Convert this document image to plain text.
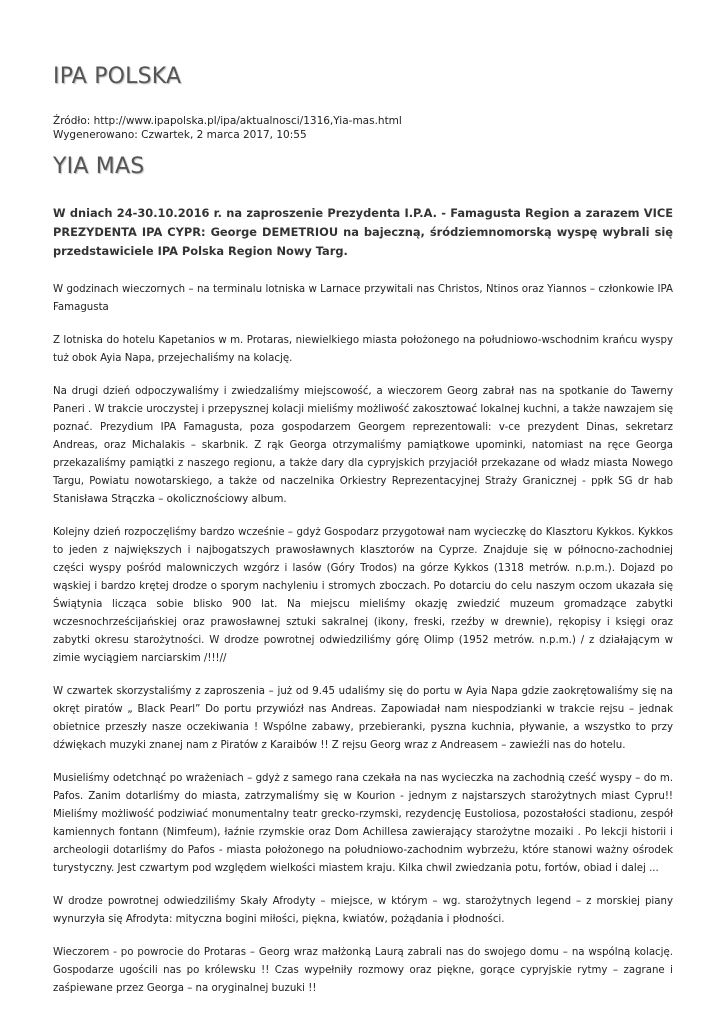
IPA POLSKA
Źródło: http://www.ipapolska.pl/ipa/aktualnosci/1316,Yia-mas.html
Wygenerowano: Czwartek, 2 marca 2017, 10:55
YIA MAS

W dniach 24-30.10.2016 r. na zaproszenie Prezydenta I.P.A. - Famagusta Region a zarazem VICE PREZYDENTA IPA CYPR: George DEMETRIOU na bajeczną, śródziemnomorską wyspę wybrali się przedstawiciele IPA Polska Region Nowy Targ.

W godzinach wieczornych – na terminalu lotniska w Larnace przywitali nas Christos, Ntinos oraz Yiannos – członkowie IPA Famagusta

Z lotniska do hotelu Kapetanios w m. Protaras, niewielkiego miasta położonego na południowo-wschodnim krańcu wyspy tuż obok Ayia Napa, przejechaliśmy na kolację.

Na drugi dzień odpoczywaliśmy i zwiedzaliśmy miejscowość, a wieczorem Georg zabrał nas na spotkanie do Tawerny Paneri . W trakcie uroczystej i przepysznej kolacji mieliśmy możliwość zakosztować lokalnej kuchni, a także nawzajem się poznać. Prezydium IPA Famagusta, poza gospodarzem Georgem reprezentowali: v-ce prezydent Dinas, sekretarz Andreas, oraz Michalakis – skarbnik. Z rąk Georga otrzymaliśmy pamiątkowe upominki, natomiast na ręce Georga przekazaliśmy pamiątki z naszego regionu, a także dary dla cypryjskich przyjaciół przekazane od władz miasta Nowego Targu, Powiatu nowotarskiego, a także od naczelnika Orkiestry Reprezentacyjnej Straży Granicznej - ppłk SG dr hab Stanisława Strączka – okolicznościowy album.

Kolejny dzień rozpoczęliśmy bardzo wcześnie – gdyż Gospodarz przygotował nam wycieczkę do Klasztoru Kykkos. Kykkos to jeden z największych i najbogatszych prawosławnych klasztorów na Cyprze. Znajduje się w północno-zachodniej części wyspy pośród malowniczych wzgórz i lasów (Góry Trodos) na górze Kykkos (1318 metrów. n.p.m.). Dojazd po wąskiej i bardzo krętej drodze o sporym nachyleniu i stromych zboczach. Po dotarciu do celu naszym oczom ukazała się Świątynia licząca sobie blisko 900 lat. Na miejscu mieliśmy okazję zwiedzić muzeum gromadzące zabytki wczesnochrześcijańskiej oraz prawosławnej sztuki sakralnej (ikony, freski, rzeźby w drewnie), rękopisy i księgi oraz zabytki okresu starożytności. W drodze powrotnej odwiedziliśmy górę Olimp (1952 metrów. n.p.m.) / z działającym w zimie wyciągiem narciarskim /!!!//

W czwartek skorzystaliśmy z zaproszenia – już od 9.45 udaliśmy się do portu w Ayia Napa gdzie zaokrętowaliśmy się na okręt piratów „ Black Pearl” Do portu przywiózł nas Andreas. Zapowiadał nam niespodzianki w trakcie rejsu – jednak obietnice przeszły nasze oczekiwania ! Wspólne zabawy, przebieranki, pyszna kuchnia, pływanie, a wszystko to przy dźwiękach muzyki znanej nam z Piratów z Karaibów !! Z rejsu Georg wraz z Andreasem – zawieźli nas do hotelu.

Musieliśmy odetchnąć po wrażeniach – gdyż z samego rana czekała na nas wycieczka na zachodnią cześć wyspy – do m. Pafos. Zanim dotarliśmy do miasta, zatrzymaliśmy się w Kourion - jednym z najstarszych starożytnych miast Cypru!! Mieliśmy możliwość podziwiać monumentalny teatr grecko-rzymski, rezydencję Eustoliosa, pozostałości stadionu, zespół kamiennych fontann (Nimfeum), łaźnie rzymskie oraz Dom Achillesa zawierający starożytne mozaiki . Po lekcji historii i archeologii dotarliśmy do Pafos - miasta położonego na południowo-zachodnim wybrzeżu, które stanowi ważny ośrodek turystyczny. Jest czwartym pod względem wielkości miastem kraju. Kilka chwil zwiedzania potu, fortów, obiad i dalej ...

W drodze powrotnej odwiedziliśmy Skały Afrodyty – miejsce, w którym – wg. starożytnych legend – z morskiej piany wynurzyła się Afrodyta: mityczna bogini miłości, piękna, kwiatów, pożądania i płodności.

Wieczorem - po powrocie do Protaras – Georg wraz małżonką Laurą zabrali nas do swojego domu – na wspólną kolację. Gospodarze ugościli nas po królewsku !! Czas wypełniły rozmowy oraz piękne, gorące cypryjskie rytmy – zagrane i zaśpiewane przez Georga – na oryginalnej buzuki !!
